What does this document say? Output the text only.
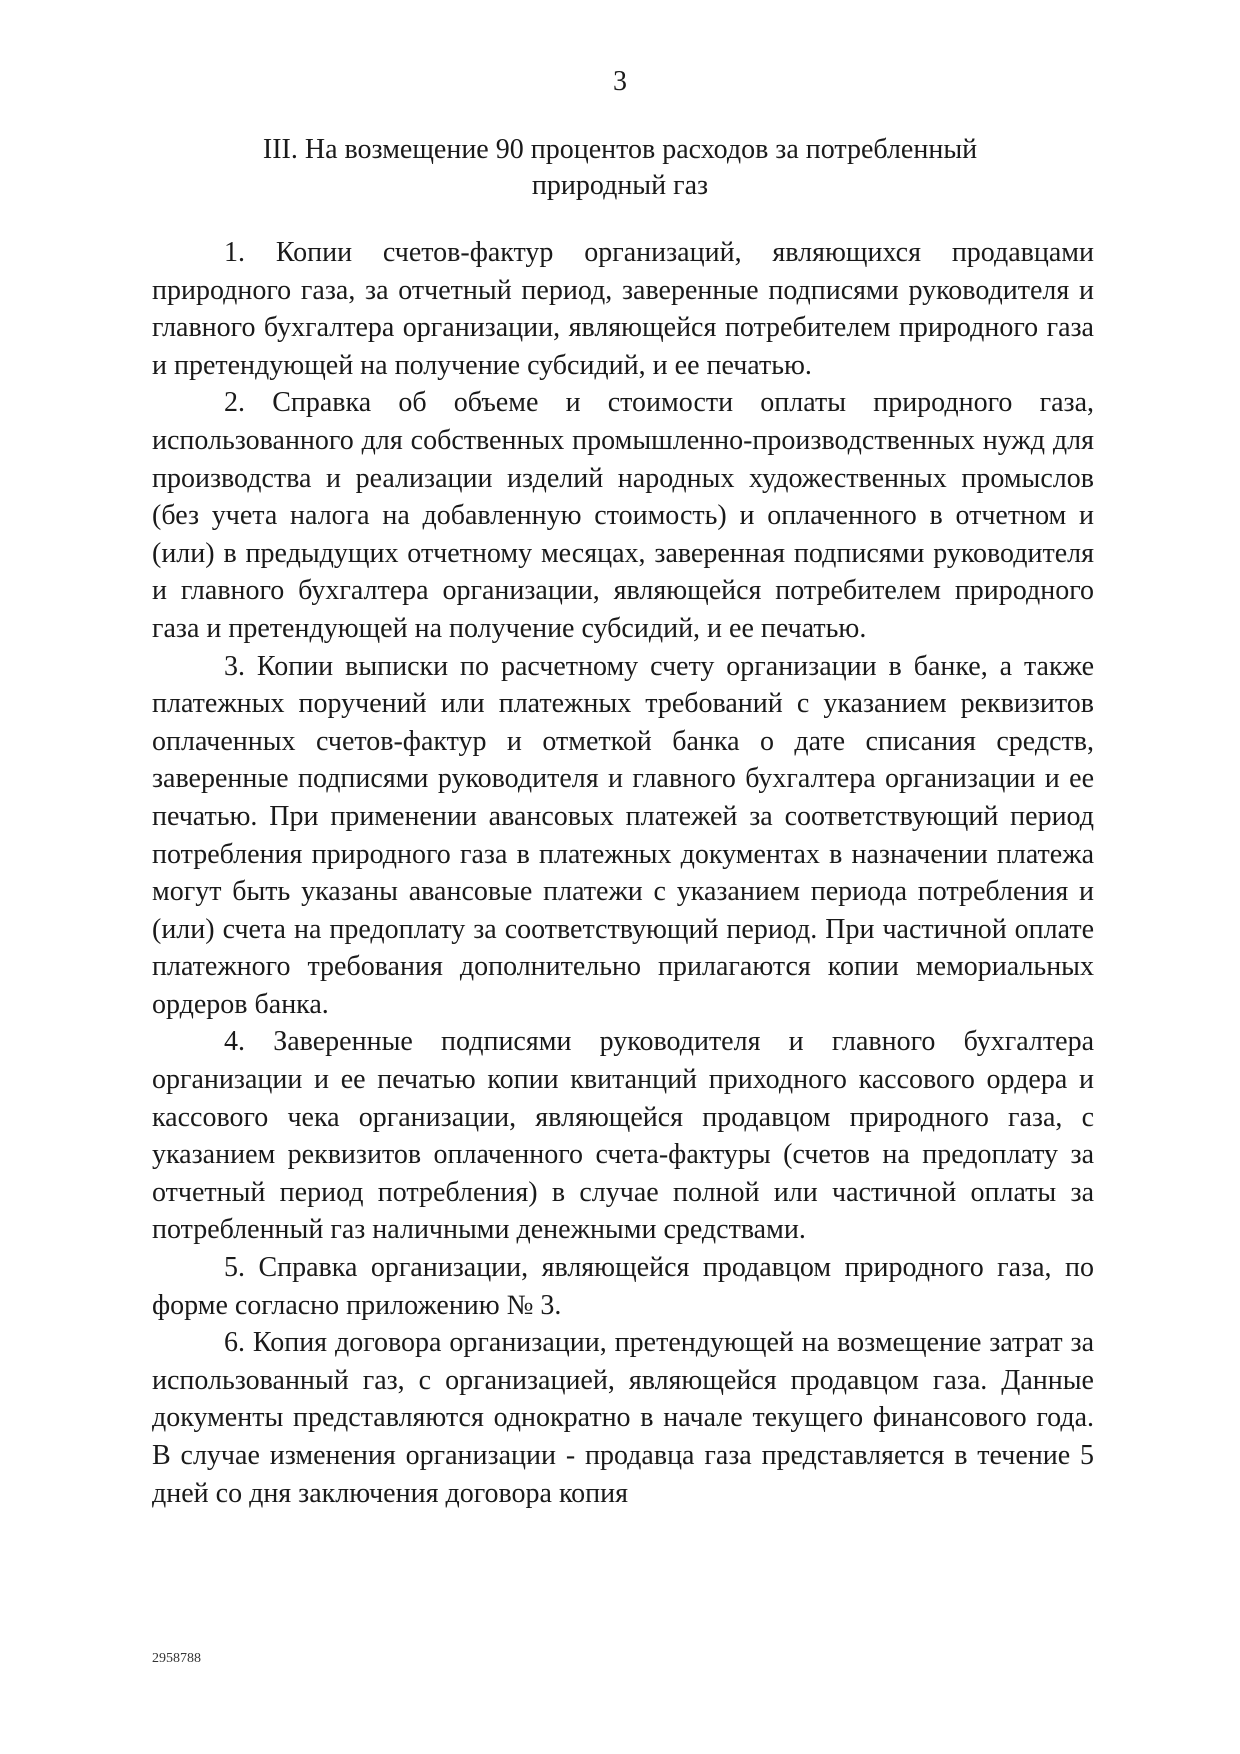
3
III. На возмещение 90 процентов расходов за потребленный
природный газ

1. Копии счетов-фактур организаций, являющихся продавцами природного газа, за отчетный период, заверенные подписями руководителя и главного бухгалтера организации, являющейся потребителем природного газа и претендующей на получение субсидий, и ее печатью.

2. Справка об объеме и стоимости оплаты природного газа, использованного для собственных промышленно-производственных нужд для производства и реализации изделий народных художественных промыслов (без учета налога на добавленную стоимость) и оплаченного в отчетном и (или) в предыдущих отчетному месяцах, заверенная подписями руководителя и главного бухгалтера организации, являющейся потребителем природного газа и претендующей на получение субсидий, и ее печатью.

3. Копии выписки по расчетному счету организации в банке, а также платежных поручений или платежных требований с указанием реквизитов оплаченных счетов-фактур и отметкой банка о дате списания средств, заверенные подписями руководителя и главного бухгалтера организации и ее печатью. При применении авансовых платежей за соответствующий период потребления природного газа в платежных документах в назначении платежа могут быть указаны авансовые платежи с указанием периода потребления и (или) счета на предоплату за соответствующий период. При частичной оплате платежного требования дополнительно прилагаются копии мемориальных ордеров банка.

4. Заверенные подписями руководителя и главного бухгалтера организации и ее печатью копии квитанций приходного кассового ордера и кассового чека организации, являющейся продавцом природного газа, с указанием реквизитов оплаченного счета-фактуры (счетов на предоплату за отчетный период потребления) в случае полной или частичной оплаты за потребленный газ наличными денежными средствами.

5. Справка организации, являющейся продавцом природного газа, по форме согласно приложению № 3.

6. Копия договора организации, претендующей на возмещение затрат за использованный газ, с организацией, являющейся продавцом газа. Данные документы представляются однократно в начале текущего финансового года. В случае изменения организации - продавца газа представляется в течение 5 дней со дня заключения договора копия

2958788
